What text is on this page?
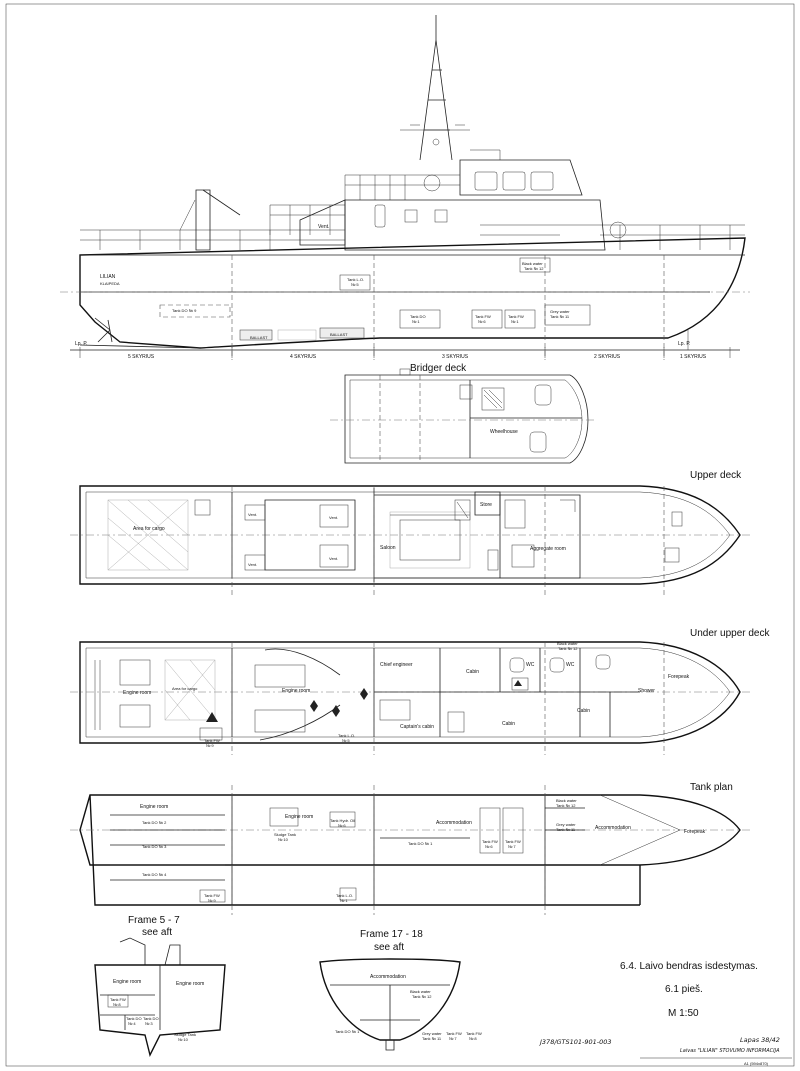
Lp. P.	Lp. P.
LILIAN
KLAIPEDA
Vent.
BALLAST
BALLAST
Tank DO № 9
Tank L.O.
№ 5
Tank DO
№ 1
Tank FW
№ 6
Tank FW
№ 1
Grey water
Tank № 11
Black water
Tank № 12
5 SKYRIUS	4 SKYRIUS	3 SKYRIUS	2 SKYRIUS	1 SKYRIUS
Bridger deck
Wheelhouse
Upper deck
Area for cargo
Vent.
Vent.
Vent.
Vent.
Saloon
Store
Aggregate room
Under upper deck
Engine room
Area for cargo	Engine room
Tank FW
№ 9
Tank L.O.
№ 5
Chief engineer
Captain's cabin
Cabin
Cabin
Cabin
WC	WC
Black water
Tank № 12
Shower
Forepeak
Tank plan
Engine room
Tank DO № 2
Tank DO № 3
Tank DO № 4
Tank FW
№ 9
Engine room
Sludge Tank
№ 10
Tank Hydr. Oil
№ 6
Tank DO № 1
Tank L.O.
№ 1
Accommodation
Tank FW
№ 6
Tank FW
№ 7
Black water
Tank № 12
Grey water
Tank № 11	Accommodation
Forepeak
Frame 5 - 7
see aft
Engine room	Engine room
Tank FW
№ 8
Tank DO
№ 4
Tank DO
№ 3
Sludge Tank
№ 10
Frame 17 - 18
see aft
Accommodation
Black water
Tank № 12
Tank DO № 1	Grey water
Tank № 11
Tank FW
№ 7
Tank FW
№ 8
6.4. Laivo bendras isdestymas.
6.1 pieš.
M 1:50
J378/GTS101-901-003	Lapas 38/42
Laivas "LILIAN" STOVUMO INFORMACIJA
A1 (594x870)
